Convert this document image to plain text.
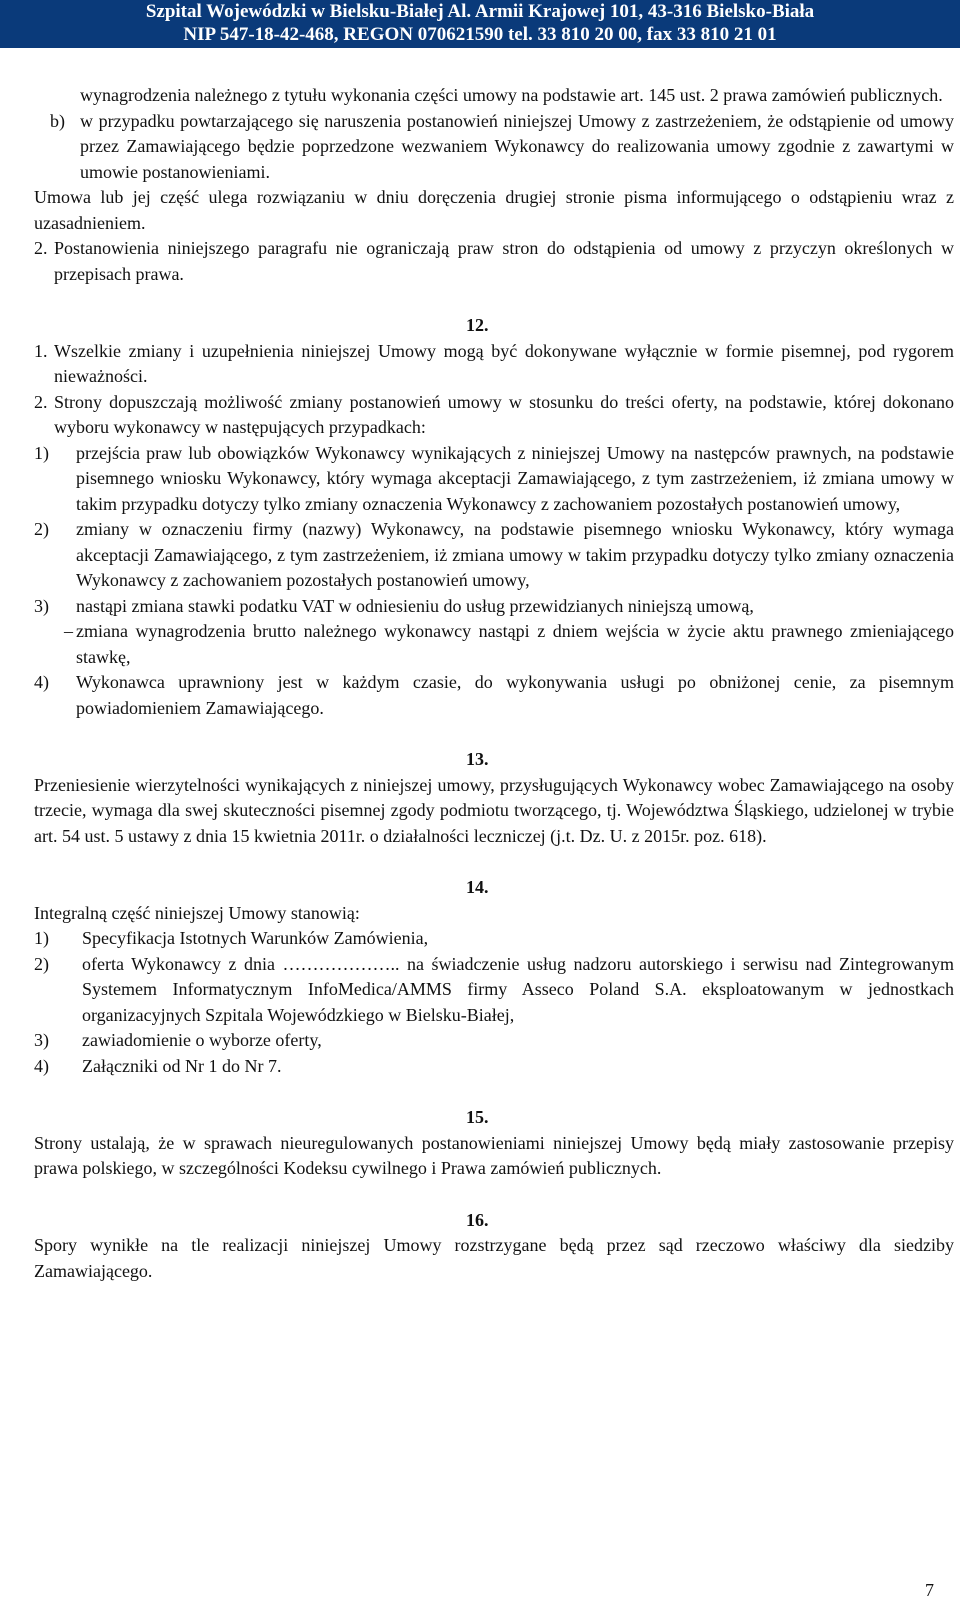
Szpital Wojewódzki w Bielsku-Białej Al. Armii Krajowej 101, 43-316 Bielsko-Biała
NIP 547-18-42-468, REGON 070621590 tel. 33 810 20 00, fax 33 810 21 01

wynagrodzenia należnego z tytułu wykonania części umowy na podstawie art. 145 ust. 2 prawa zamówień publicznych.

b) w przypadku powtarzającego się naruszenia postanowień niniejszej Umowy z zastrzeżeniem, że odstąpienie od umowy przez Zamawiającego będzie poprzedzone wezwaniem Wykonawcy do realizowania umowy zgodnie z zawartymi w umowie postanowieniami.

Umowa lub jej część ulega rozwiązaniu w dniu doręczenia drugiej stronie pisma informującego o odstąpieniu wraz z uzasadnieniem.

2. Postanowienia niniejszego paragrafu nie ograniczają praw stron do odstąpienia od umowy z przyczyn określonych w przepisach prawa.
12.
1. Wszelkie zmiany i uzupełnienia niniejszej Umowy mogą być dokonywane wyłącznie w formie pisemnej, pod rygorem nieważności.
2. Strony dopuszczają możliwość zmiany postanowień umowy w stosunku do treści oferty, na podstawie, której dokonano wyboru wykonawcy w następujących przypadkach:
1)	przejścia praw lub obowiązków Wykonawcy wynikających z niniejszej Umowy na następców prawnych, na podstawie pisemnego wniosku Wykonawcy, który wymaga akceptacji Zamawiającego, z tym zastrzeżeniem, iż zmiana umowy w takim przypadku dotyczy tylko zmiany oznaczenia Wykonawcy z zachowaniem pozostałych postanowień umowy,
2)	zmiany w oznaczeniu firmy (nazwy) Wykonawcy, na podstawie pisemnego wniosku Wykonawcy, który wymaga akceptacji Zamawiającego, z tym zastrzeżeniem, iż zmiana umowy w takim przypadku dotyczy tylko zmiany oznaczenia Wykonawcy z zachowaniem pozostałych postanowień umowy,
3)	nastąpi zmiana stawki podatku VAT w odniesieniu do usług przewidzianych niniejszą umową,
– zmiana wynagrodzenia brutto należnego wykonawcy nastąpi z dniem wejścia w życie aktu prawnego zmieniającego stawkę,
4)	Wykonawca uprawniony jest w każdym czasie, do wykonywania usługi po obniżonej cenie, za pisemnym powiadomieniem Zamawiającego.
13.

Przeniesienie wierzytelności wynikających z niniejszej umowy, przysługujących Wykonawcy wobec Zamawiającego na osoby trzecie, wymaga dla swej skuteczności pisemnej zgody podmiotu tworzącego, tj. Województwa Śląskiego, udzielonej w trybie art. 54 ust. 5 ustawy z dnia 15 kwietnia 2011r. o działalności leczniczej (j.t. Dz. U. z 2015r. poz. 618).

14.

Integralną część niniejszej Umowy stanowią:

1)	Specyfikacja Istotnych Warunków Zamówienia,
2)	oferta Wykonawcy z dnia ……………….. na świadczenie usług nadzoru autorskiego i serwisu nad Zintegrowanym Systemem Informatycznym InfoMedica/AMMS firmy Asseco Poland S.A. eksploatowanym w jednostkach organizacyjnych Szpitala Wojewódzkiego w Bielsku-Białej,
3)	zawiadomienie o wyborze oferty,
4)	Załączniki od Nr 1 do Nr 7.
15.

Strony ustalają, że w sprawach nieuregulowanych postanowieniami niniejszej Umowy będą miały zastosowanie przepisy prawa polskiego, w szczególności Kodeksu cywilnego i Prawa zamówień publicznych.

16.

Spory wynikłe na tle realizacji niniejszej Umowy rozstrzygane będą przez sąd rzeczowo właściwy dla siedziby Zamawiającego.

7
